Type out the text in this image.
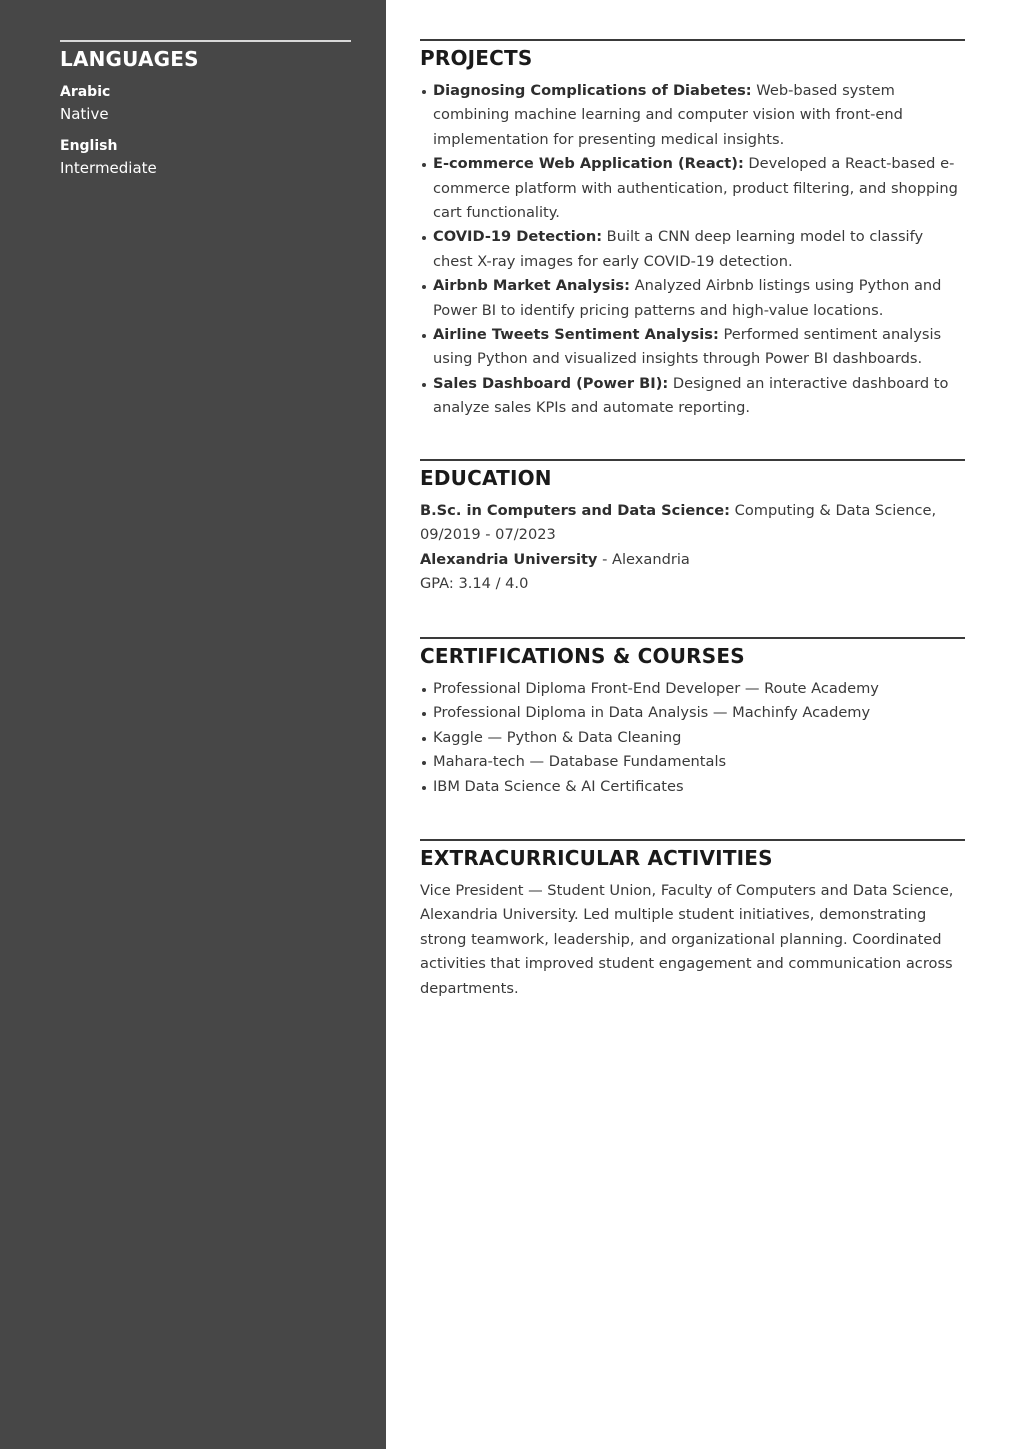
LANGUAGES
Arabic
Native
English
Intermediate
PROJECTS
Diagnosing Complications of Diabetes: Web-based system combining machine learning and computer vision with front-end implementation for presenting medical insights.
E-commerce Web Application (React): Developed a React-based e-commerce platform with authentication, product filtering, and shopping cart functionality.
COVID-19 Detection: Built a CNN deep learning model to classify chest X-ray images for early COVID-19 detection.
Airbnb Market Analysis: Analyzed Airbnb listings using Python and Power BI to identify pricing patterns and high-value locations.
Airline Tweets Sentiment Analysis: Performed sentiment analysis using Python and visualized insights through Power BI dashboards.
Sales Dashboard (Power BI): Designed an interactive dashboard to analyze sales KPIs and automate reporting.
EDUCATION
B.Sc. in Computers and Data Science: Computing & Data Science, 09/2019 - 07/2023
Alexandria University - Alexandria
GPA: 3.14 / 4.0
CERTIFICATIONS & COURSES
Professional Diploma Front-End Developer — Route Academy
Professional Diploma in Data Analysis — Machinfy Academy
Kaggle — Python & Data Cleaning
Mahara-tech — Database Fundamentals
IBM Data Science & AI Certificates
EXTRACURRICULAR ACTIVITIES

Vice President — Student Union, Faculty of Computers and Data Science, Alexandria University. Led multiple student initiatives, demonstrating strong teamwork, leadership, and organizational planning. Coordinated activities that improved student engagement and communication across departments.
